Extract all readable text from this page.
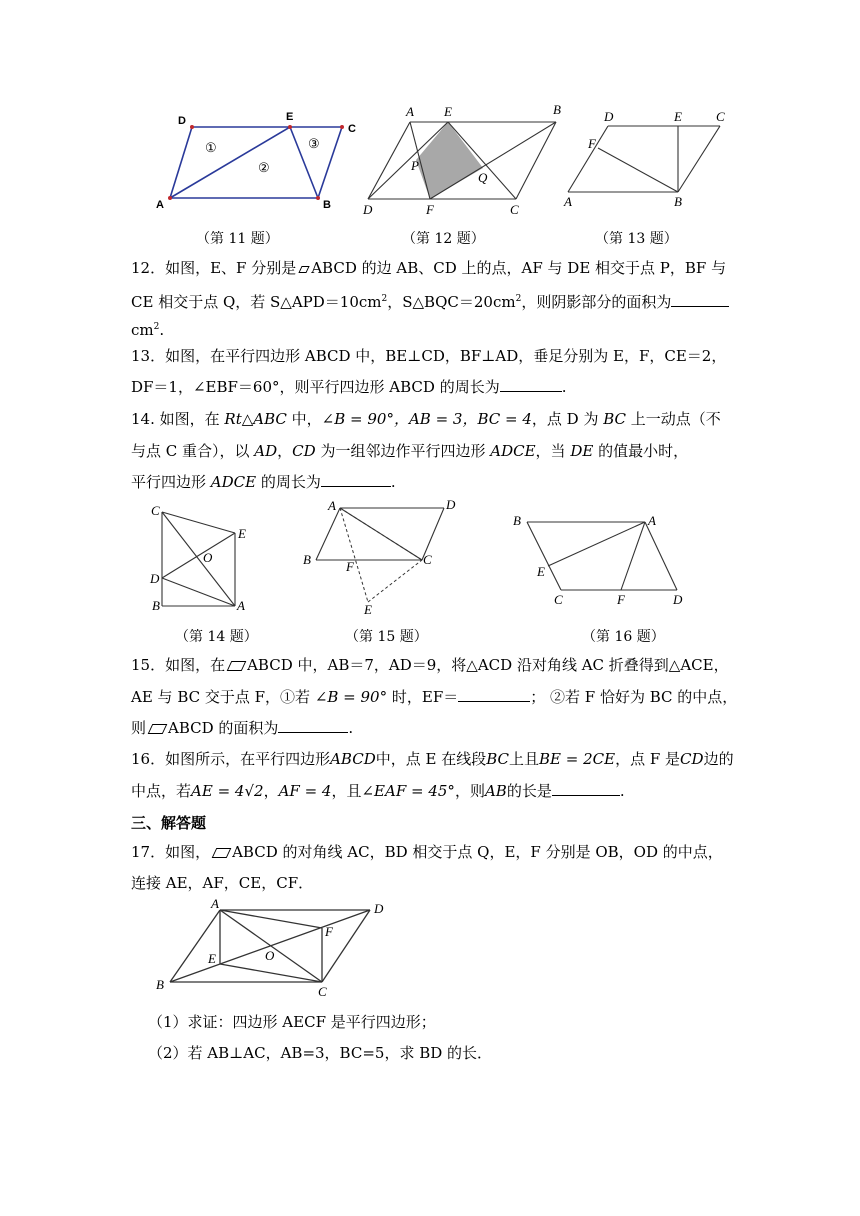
D	E
C
A	B
①
②
③
（第 11 题）
A E	B
P
Q
D	F	C
（第 12 题）
D	E	C
F
A	B
（第 13 题）
12．如图，E、F 分别是 ABCD 的边 AB、CD 上的点，AF 与 DE 相交于点 P，BF 与
CE 相交于点 Q，若 $S\triangle APD=10cm^2$，$S\triangle BQC=20cm^2$，则阴影部分的面积为
$cm^2$.
13．如图，在平行四边形 ABCD 中，BE⊥CD，BF⊥AD，垂足分别为 E，F，CE＝2，
DF＝1，∠EBF＝60°，则平行四边形 ABCD 的周长为	.
14. 如图，在 Rt△ABC 中，∠B = 90°，AB = 3，BC = 4，点 D 为 BC 上一动点（不
与点 C 重合），以 AD，CD 为一组邻边作平行四边形 ADCE，当 DE 的值最小时，
平行四边形 ADCE 的周长为	.
C
E
O
D
B	A
（第 14 题）
A	D
B	F	C
E
（第 15 题）
B	A
E
C	F	D
（第 16 题）
15．如图，在 ABCD 中，AB＝7，AD＝9，将△ACD 沿对角线 AC 折叠得到△ACE，
AE 与 BC 交于点 F，①若 ∠B = 90° 时，EF＝	； ②若 F 恰好为 BC 的中点，
则 ABCD 的面积为	.
16．如图所示，在平行四边形ABCD中，点 E 在线段BC上且BE = 2CE，点 F 是CD边的
中点，若AE = 4√2，AF = 4，且∠EAF = 45°，则AB的长是	.
三、解答题
17．如图， ABCD 的对角线 AC，BD 相交于点 Q，E，F 分别是 OB，OD 的中点，
连接 AE，AF，CE，CF．
A	D
F
E	O
B	C
（1）求证：四边形 AECF 是平行四边形；
（2）若 AB⊥AC，AB=3，BC=5，求 BD 的长．
